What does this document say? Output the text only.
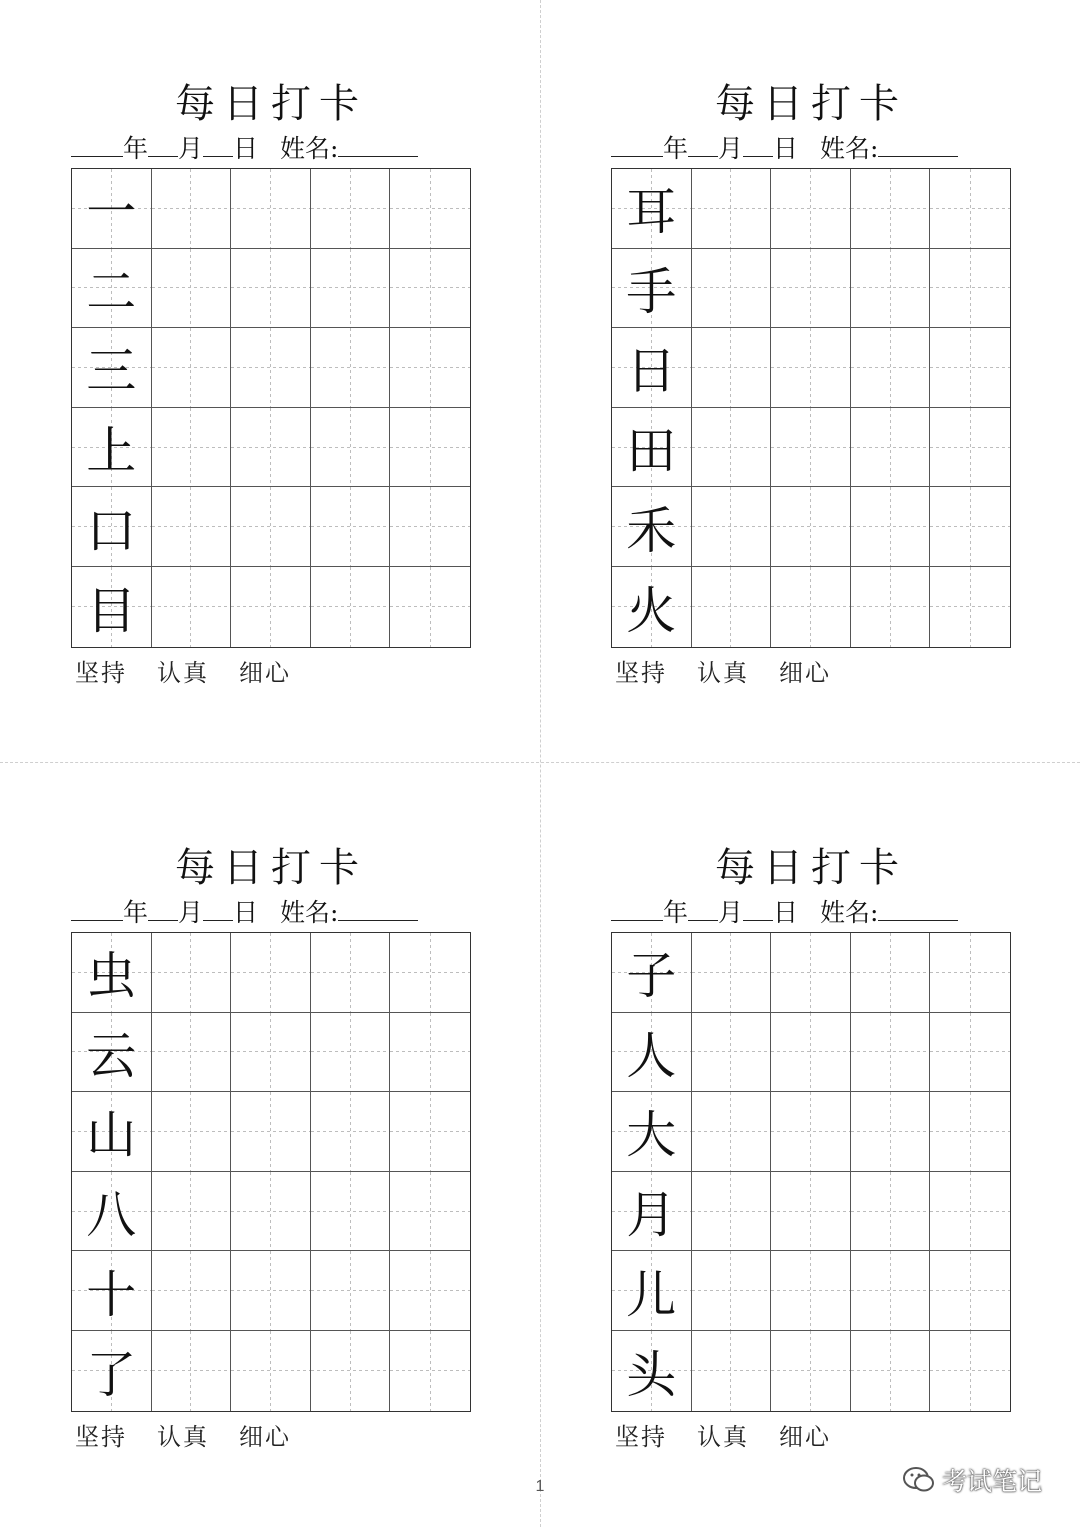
每日打卡
年 月 日 姓名:
一
二
三
上
口
目
坚持 认真 细心
每日打卡
年 月 日 姓名:
耳
手
日
田
禾
火
坚持 认真 细心
每日打卡
年 月 日 姓名:
虫
云
山
八
十
了
坚持 认真 细心
每日打卡
年 月 日 姓名:
子
人
大
月
儿
头
坚持 认真 细心
1	考试笔记
